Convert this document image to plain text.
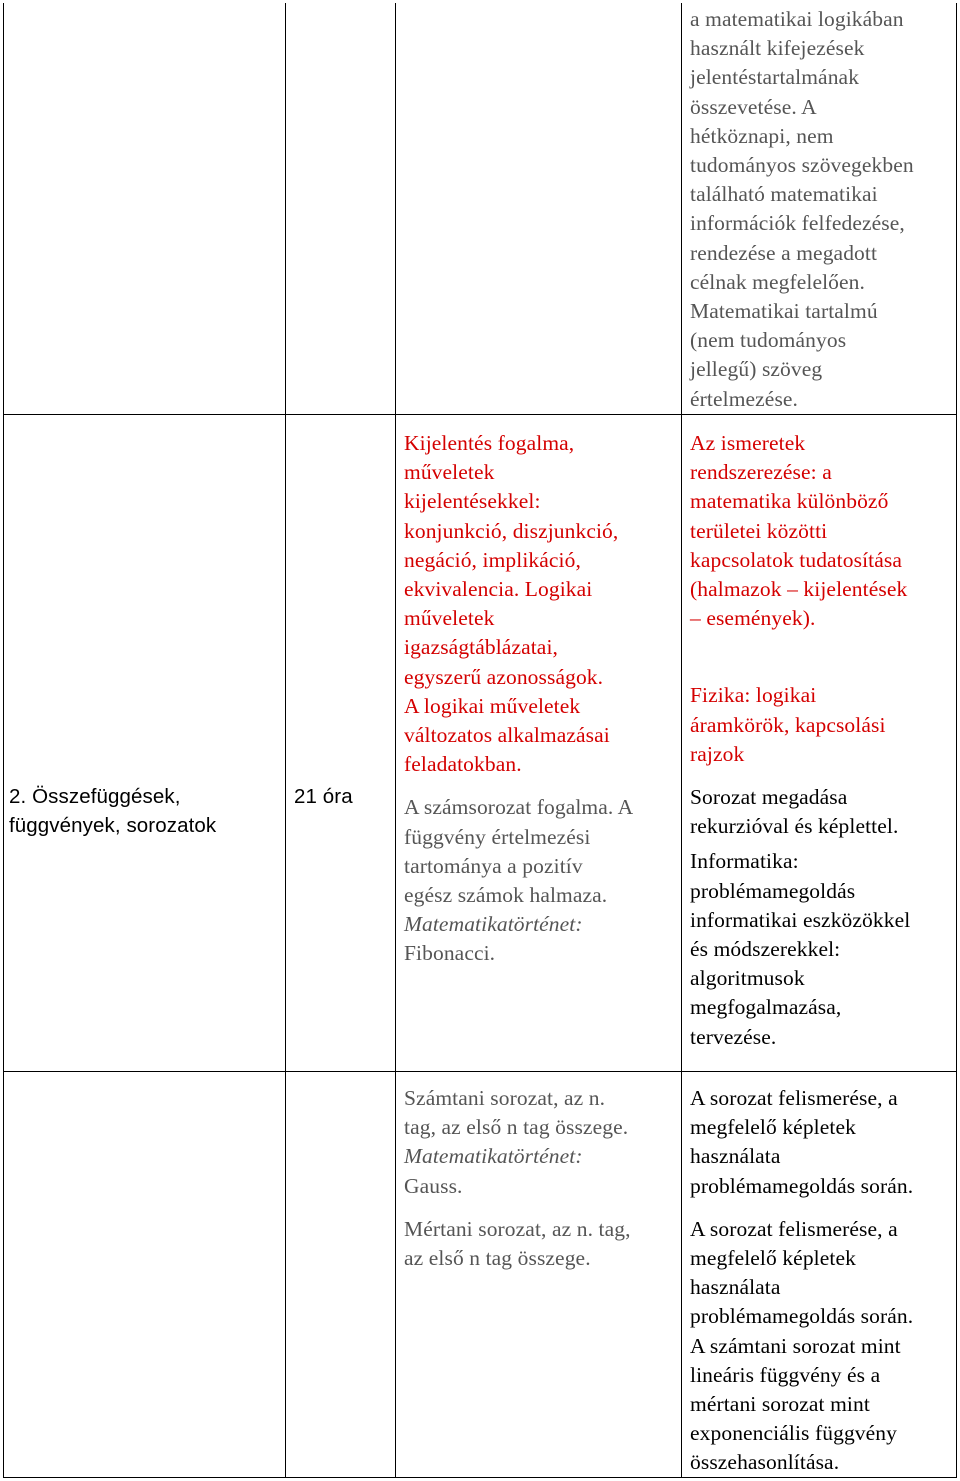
a matematikai logikában
használt kifejezések
jelentéstartalmának
összevetése. A
hétköznapi, nem
tudományos szövegekben
található matematikai
információk felfedezése,
rendezése a megadott
célnak megfelelően.
Matematikai tartalmú
(nem tudományos
jellegű) szöveg
értelmezése.
2. Összefüggések,
függvények, sorozatok
21 óra
Kijelentés fogalma,
műveletek
kijelentésekkel:
konjunkció, diszjunkció,
negáció, implikáció,
ekvivalencia. Logikai
műveletek
igazságtáblázatai,
egyszerű azonosságok.
A logikai műveletek
változatos alkalmazásai
feladatokban.
A számsorozat fogalma. A
függvény értelmezési
tartománya a pozitív
egész számok halmaza.
Matematikatörténet:
Fibonacci.
Az ismeretek
rendszerezése: a
matematika különböző
területei közötti
kapcsolatok tudatosítása
(halmazok – kijelentések
– események).
Fizika: logikai
áramkörök, kapcsolási
rajzok
Sorozat megadása
rekurzióval és képlettel.
Informatika:
problémamegoldás
informatikai eszközökkel
és módszerekkel:
algoritmusok
megfogalmazása,
tervezése.
Számtani sorozat, az n.
tag, az első n tag összege.
Matematikatörténet:
Gauss.
Mértani sorozat, az n. tag,
az első n tag összege.
A sorozat felismerése, a
megfelelő képletek
használata
problémamegoldás során.
A sorozat felismerése, a
megfelelő képletek
használata
problémamegoldás során.
A számtani sorozat mint
lineáris függvény és a
mértani sorozat mint
exponenciális függvény
összehasonlítása.
